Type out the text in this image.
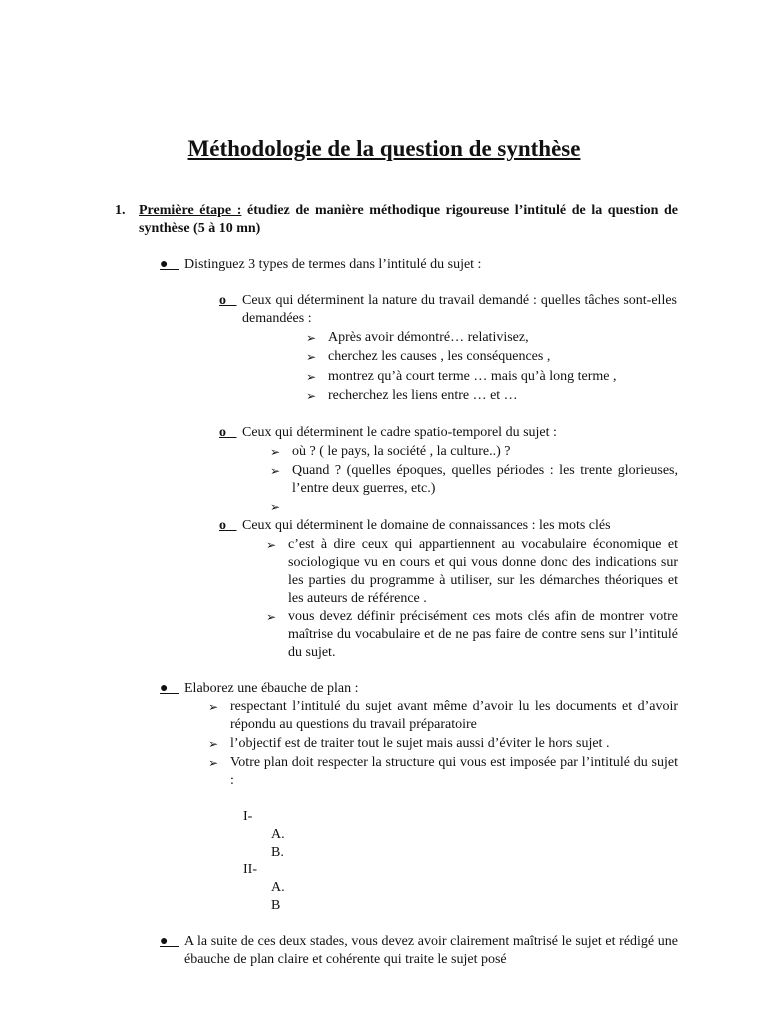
Méthodologie de la question de synthèse
1. Première étape : étudiez de manière méthodique rigoureuse l’intitulé de la question de synthèse (5 à 10 mn)
●	Distinguez 3 types de termes dans l’intitulé du sujet :
o	Ceux qui déterminent la nature du travail demandé : quelles tâches sont-elles demandées :
➢ Après avoir démontré… relativisez,
➢ cherchez les causes , les conséquences ,
➢ montrez qu’à court terme … mais qu’à long terme ,
➢ recherchez les liens entre … et …
o	Ceux qui déterminent le cadre spatio-temporel du sujet :
➢ où ? ( le pays, la société , la culture..) ?
➢ Quand ? (quelles époques, quelles périodes : les trente glorieuses, l’entre deux guerres, etc.)
➢
o	Ceux qui déterminent le domaine de connaissances : les mots clés
➢ c’est à dire ceux qui appartiennent au vocabulaire économique et sociologique vu en cours et qui vous donne donc des indications sur les parties du programme à utiliser, sur les démarches théoriques et les auteurs de référence .
➢ vous devez définir précisément ces mots clés afin de montrer votre maîtrise du vocabulaire et de ne pas faire de contre sens sur l’intitulé du sujet.
●	Elaborez une ébauche de plan :
➢ respectant l’intitulé du sujet avant même d’avoir lu les documents et d’avoir répondu au questions du travail préparatoire
➢ l’objectif est de traiter tout le sujet mais aussi d’éviter le hors sujet .
➢ Votre plan doit respecter la structure qui vous est imposée par l’intitulé du sujet :
I-
A.
B.
II-
A.
B
●	A la suite de ces deux stades, vous devez avoir clairement maîtrisé le sujet et rédigé une ébauche de plan claire et cohérente qui traite le sujet posé
